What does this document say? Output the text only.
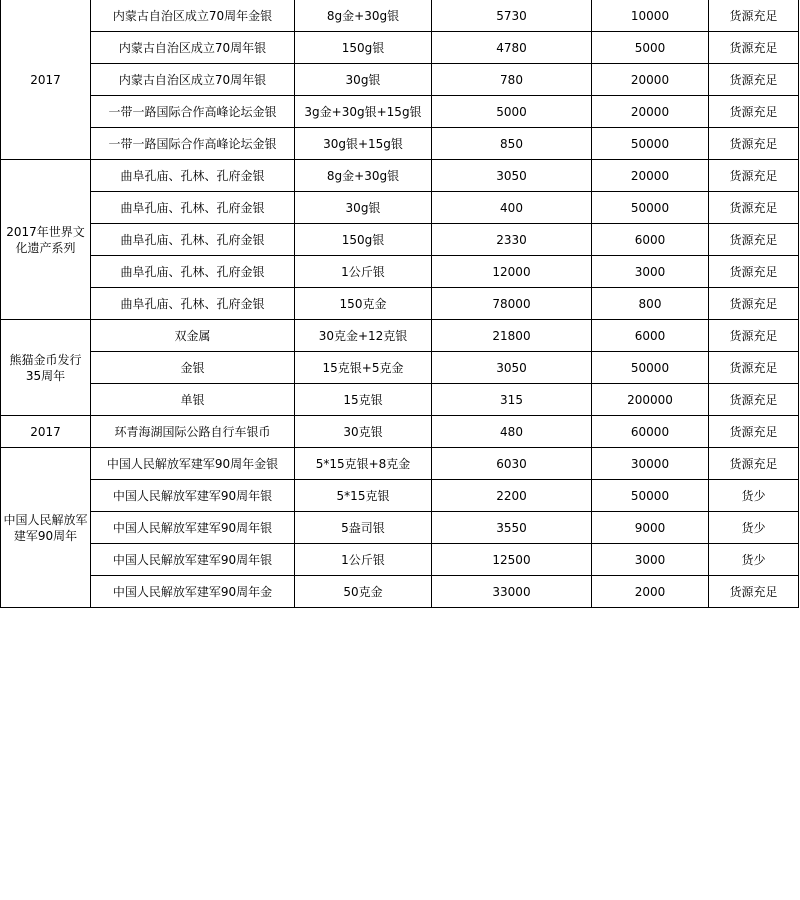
2017	内蒙古自治区成立70周年金银	8g金+30g银	5730	10000	货源充足
	内蒙古自治区成立70周年银	150g银	4780	5000	货源充足
	内蒙古自治区成立70周年银	30g银	780	20000	货源充足
	一带一路国际合作高峰论坛金银	3g金+30g银+15g银	5000	20000	货源充足
	一带一路国际合作高峰论坛金银	30g银+15g银	850	50000	货源充足
2017年世界文化遗产系列	曲阜孔庙、孔林、孔府金银	8g金+30g银	3050	20000	货源充足
	曲阜孔庙、孔林、孔府金银	30g银	400	50000	货源充足
	曲阜孔庙、孔林、孔府金银	150g银	2330	6000	货源充足
	曲阜孔庙、孔林、孔府金银	1公斤银	12000	3000	货源充足
	曲阜孔庙、孔林、孔府金银	150克金	78000	800	货源充足
熊猫金币发行35周年	双金属	30克金+12克银	21800	6000	货源充足
	金银	15克银+5克金	3050	50000	货源充足
	单银	15克银	315	200000	货源充足
2017	环青海湖国际公路自行车银币	30克银	480	60000	货源充足
中国人民解放军建军90周年	中国人民解放军建军90周年金银	5*15克银+8克金	6030	30000	货源充足
	中国人民解放军建军90周年银	5*15克银	2200	50000	货少
	中国人民解放军建军90周年银	5盎司银	3550	9000	货少
	中国人民解放军建军90周年银	1公斤银	12500	3000	货少
	中国人民解放军建军90周年金	50克金	33000	2000	货源充足
